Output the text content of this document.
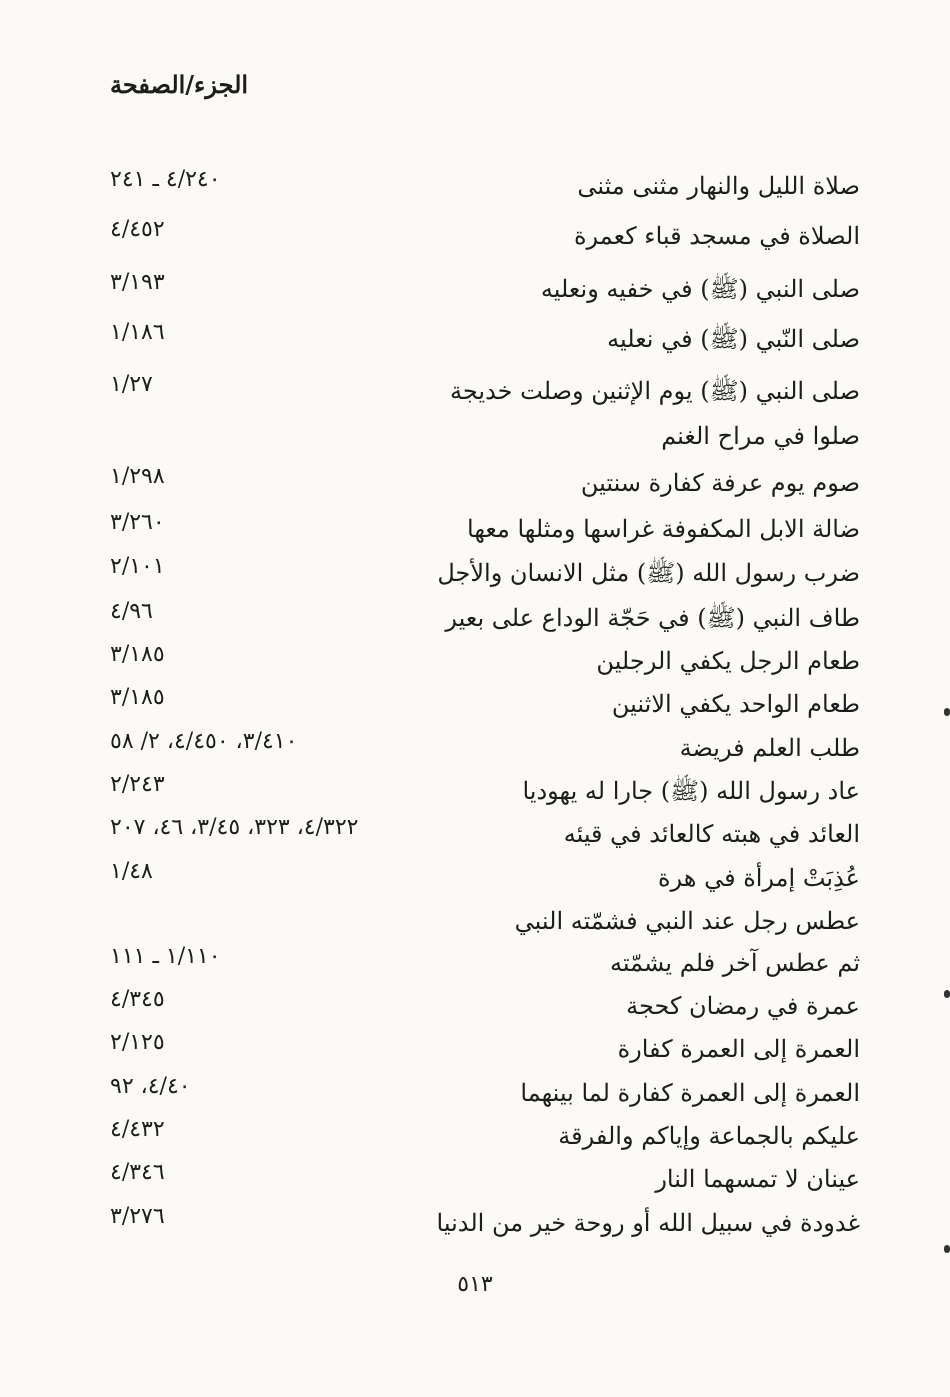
الجزء/الصفحة
صلاة الليل والنهار مثنى مثنى
٤/٢٤٠ ـ ٢٤١
الصلاة في مسجد قباء كعمرة
٤/٤٥٢
صلى النبي (ﷺ) في خفيه ونعليه
٣/١٩٣
صلى النّبي (ﷺ) في نعليه
١/١٨٦
صلى النبي (ﷺ) يوم الإثنين وصلت خديجة
١/٢٧
صلوا في مراح الغنم
صوم يوم عرفة كفارة سنتين
١/٢٩٨
ضالة الابل المكفوفة غراسها ومثلها معها
٣/٢٦٠
ضرب رسول الله (ﷺ) مثل الانسان والأجل
٢/١٠١
طاف النبي (ﷺ) في حَجّة الوداع على بعير
٤/٩٦
طعام الرجل يكفي الرجلين
٣/١٨٥
طعام الواحد يكفي الاثنين
٣/١٨٥
طلب العلم فريضة
٣/٤١٠، ٤/٤٥٠، ٢/ ٥٨
عاد رسول الله (ﷺ) جارا له يهوديا
٢/٢٤٣
العائد في هبته كالعائد في قيئه
٤/٣٢٢، ٣٢٣، ٣/٤٥، ٤٦، ٢٠٧
عُذِبَتْ إمرأة في هرة
١/٤٨
عطس رجل عند النبي فشمّته النبي
ثم عطس آخر فلم يشمّته
١/١١٠ ـ ١١١
عمرة في رمضان كحجة
٤/٣٤٥
العمرة إلى العمرة كفارة
٢/١٢٥
العمرة إلى العمرة كفارة لما بينهما
٤/٤٠، ٩٢
عليكم بالجماعة وإياكم والفرقة
٤/٤٣٢
عينان لا تمسهما النار
٤/٣٤٦
غدودة في سبيل الله أو روحة خير من الدنيا
٣/٢٧٦
٥١٣
